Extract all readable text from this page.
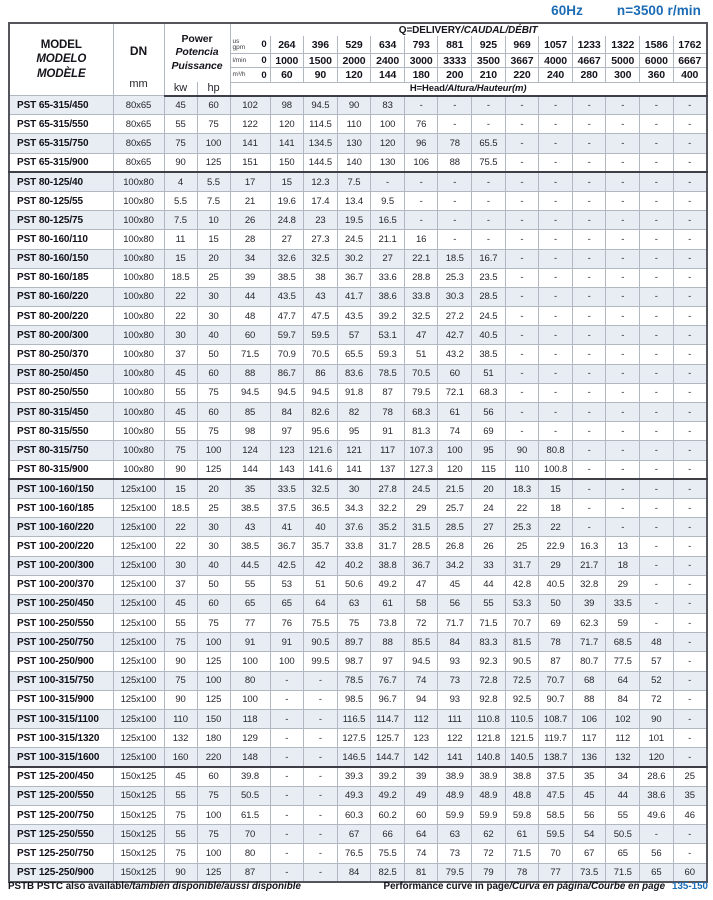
60Hz	n=3500 r/min
MODEL
MODELO
MODÈLE

DN
mm

Power
Potencia
Puissance
	Q=DELIVERY/CAUDAL/DÉBIT

				us gpm 0	264	396	529	634	793	881	925	969	1057	1233	1322	1586	1762

				l/min 0	1000	1500	2000	2400	3000	3333	3500	3667	4000	4667	5000	6000	6667

				m³/h 0	60	90	120	144	180	200	210	220	240	280	300	360	400
		kw	hp	H=Head/Altura/Hauteur(m)													
PST 65-315/450	80x65	45	60	102	98	94.5	90	83	-	-	-	-	-	-	-	-	-
PST 65-315/550	80x65	55	75	122	120	114.5	110	100	76	-	-	-	-	-	-	-	-
PST 65-315/750	80x65	75	100	141	141	134.5	130	120	96	78	65.5	-	-	-	-	-	-
PST 65-315/900	80x65	90	125	151	150	144.5	140	130	106	88	75.5	-	-	-	-	-	-
PST 80-125/40	100x80	4	5.5	17	15	12.3	7.5	-	-	-	-	-	-	-	-	-	-
PST 80-125/55	100x80	5.5	7.5	21	19.6	17.4	13.4	9.5	-	-	-	-	-	-	-	-	-
PST 80-125/75	100x80	7.5	10	26	24.8	23	19.5	16.5	-	-	-	-	-	-	-	-	-
PST 80-160/110	100x80	11	15	28	27	27.3	24.5	21.1	16	-	-	-	-	-	-	-	-
PST 80-160/150	100x80	15	20	34	32.6	32.5	30.2	27	22.1	18.5	16.7	-	-	-	-	-	-
PST 80-160/185	100x80	18.5	25	39	38.5	38	36.7	33.6	28.8	25.3	23.5	-	-	-	-	-	-
PST 80-160/220	100x80	22	30	44	43.5	43	41.7	38.6	33.8	30.3	28.5	-	-	-	-	-	-
PST 80-200/220	100x80	22	30	48	47.7	47.5	43.5	39.2	32.5	27.2	24.5	-	-	-	-	-	-
PST 80-200/300	100x80	30	40	60	59.7	59.5	57	53.1	47	42.7	40.5	-	-	-	-	-	-
PST 80-250/370	100x80	37	50	71.5	70.9	70.5	65.5	59.3	51	43.2	38.5	-	-	-	-	-	-
PST 80-250/450	100x80	45	60	88	86.7	86	83.6	78.5	70.5	60	51	-	-	-	-	-	-
PST 80-250/550	100x80	55	75	94.5	94.5	94.5	91.8	87	79.5	72.1	68.3	-	-	-	-	-	-
PST 80-315/450	100x80	45	60	85	84	82.6	82	78	68.3	61	56	-	-	-	-	-	-
PST 80-315/550	100x80	55	75	98	97	95.6	95	91	81.3	74	69	-	-	-	-	-	-
PST 80-315/750	100x80	75	100	124	123	121.6	121	117	107.3	100	95	90	80.8	-	-	-	-
PST 80-315/900	100x80	90	125	144	143	141.6	141	137	127.3	120	115	110	100.8	-	-	-	-
PST 100-160/150	125x100	15	20	35	33.5	32.5	30	27.8	24.5	21.5	20	18.3	15	-	-	-	-
PST 100-160/185	125x100	18.5	25	38.5	37.5	36.5	34.3	32.2	29	25.7	24	22	18	-	-	-	-
PST 100-160/220	125x100	22	30	43	41	40	37.6	35.2	31.5	28.5	27	25.3	22	-	-	-	-
PST 100-200/220	125x100	22	30	38.5	36.7	35.7	33.8	31.7	28.5	26.8	26	25	22.9	16.3	13	-	-
PST 100-200/300	125x100	30	40	44.5	42.5	42	40.2	38.8	36.7	34.2	33	31.7	29	21.7	18	-	-
PST 100-200/370	125x100	37	50	55	53	51	50.6	49.2	47	45	44	42.8	40.5	32.8	29	-	-
PST 100-250/450	125x100	45	60	65	65	64	63	61	58	56	55	53.3	50	39	33.5	-	-
PST 100-250/550	125x100	55	75	77	76	75.5	75	73.8	72	71.7	71.5	70.7	69	62.3	59	-	-
PST 100-250/750	125x100	75	100	91	91	90.5	89.7	88	85.5	84	83.3	81.5	78	71.7	68.5	48	-
PST 100-250/900	125x100	90	125	100	100	99.5	98.7	97	94.5	93	92.3	90.5	87	80.7	77.5	57	-
PST 100-315/750	125x100	75	100	80	-	-	78.5	76.7	74	73	72.8	72.5	70.7	68	64	52	-
PST 100-315/900	125x100	90	125	100	-	-	98.5	96.7	94	93	92.8	92.5	90.7	88	84	72	-
PST 100-315/1100	125x100	110	150	118	-	-	116.5	114.7	112	111	110.8	110.5	108.7	106	102	90	-
PST 100-315/1320	125x100	132	180	129	-	-	127.5	125.7	123	122	121.8	121.5	119.7	117	112	101	-
PST 100-315/1600	125x100	160	220	148	-	-	146.5	144.7	142	141	140.8	140.5	138.7	136	132	120	-
PST 125-200/450	150x125	45	60	39.8	-	-	39.3	39.2	39	38.9	38.9	38.8	37.5	35	34	28.6	25
PST 125-200/550	150x125	55	75	50.5	-	-	49.3	49.2	49	48.9	48.9	48.8	47.5	45	44	38.6	35
PST 125-200/750	150x125	75	100	61.5	-	-	60.3	60.2	60	59.9	59.9	59.8	58.5	56	55	49.6	46
PST 125-250/550	150x125	55	75	70	-	-	67	66	64	63	62	61	59.5	54	50.5	-	-
PST 125-250/750	150x125	75	100	80	-	-	76.5	75.5	74	73	72	71.5	70	67	65	56	-
PST 125-250/900	150x125	90	125	87	-	-	84	82.5	81	79.5	79	78	77	73.5	71.5	65	60
PSTB PSTC also available/también disponible/aussi disponible	Performance curve in page/Curva en página/Courbe en page 135-150
